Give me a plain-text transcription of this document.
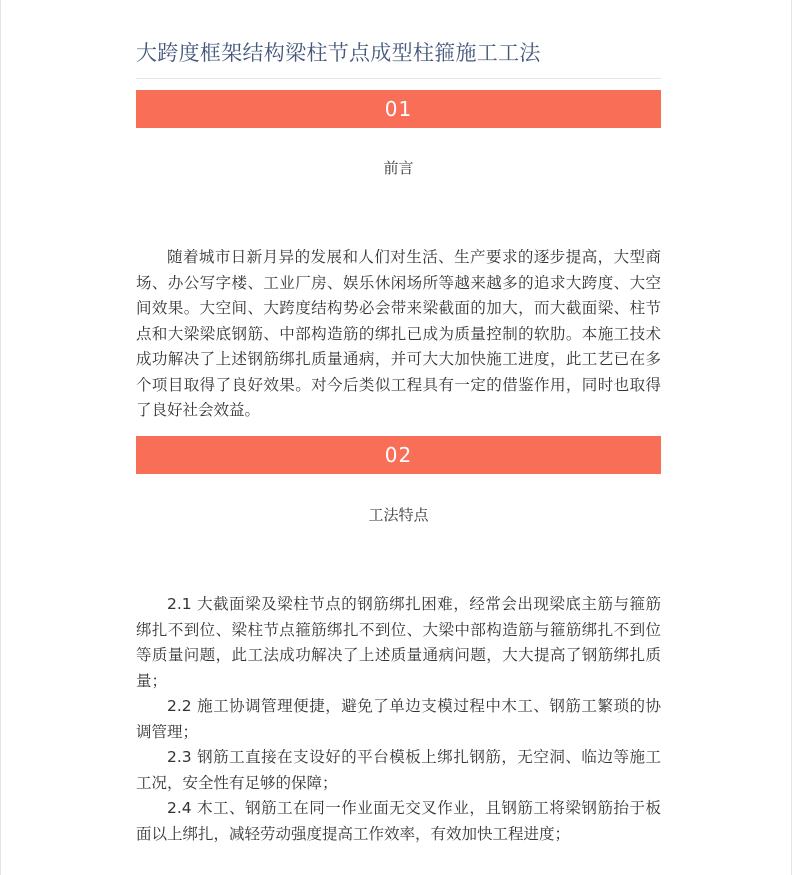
大跨度框架结构梁柱节点成型柱箍施工工法
01
前言

随着城市日新月异的发展和人们对生活、生产要求的逐步提高，大型商场、办公写字楼、工业厂房、娱乐休闲场所等越来越多的追求大跨度、大空间效果。大空间、大跨度结构势必会带来梁截面的加大，而大截面梁、柱节点和大梁梁底钢筋、中部构造筋的绑扎已成为质量控制的软肋。本施工技术成功解决了上述钢筋绑扎质量通病，并可大大加快施工进度，此工艺已在多个项目取得了良好效果。对今后类似工程具有一定的借鉴作用，同时也取得了良好社会效益。

02
工法特点

2.1 大截面梁及梁柱节点的钢筋绑扎困难，经常会出现梁底主筋与箍筋绑扎不到位、梁柱节点箍筋绑扎不到位、大梁中部构造筋与箍筋绑扎不到位等质量问题，此工法成功解决了上述质量通病问题，大大提高了钢筋绑扎质量；

2.2 施工协调管理便捷，避免了单边支模过程中木工、钢筋工繁琐的协调管理；

2.3 钢筋工直接在支设好的平台模板上绑扎钢筋，无空洞、临边等施工工况，安全性有足够的保障；

2.4 木工、钢筋工在同一作业面无交叉作业，且钢筋工将梁钢筋抬于板面以上绑扎，减轻劳动强度提高工作效率，有效加快工程进度；
